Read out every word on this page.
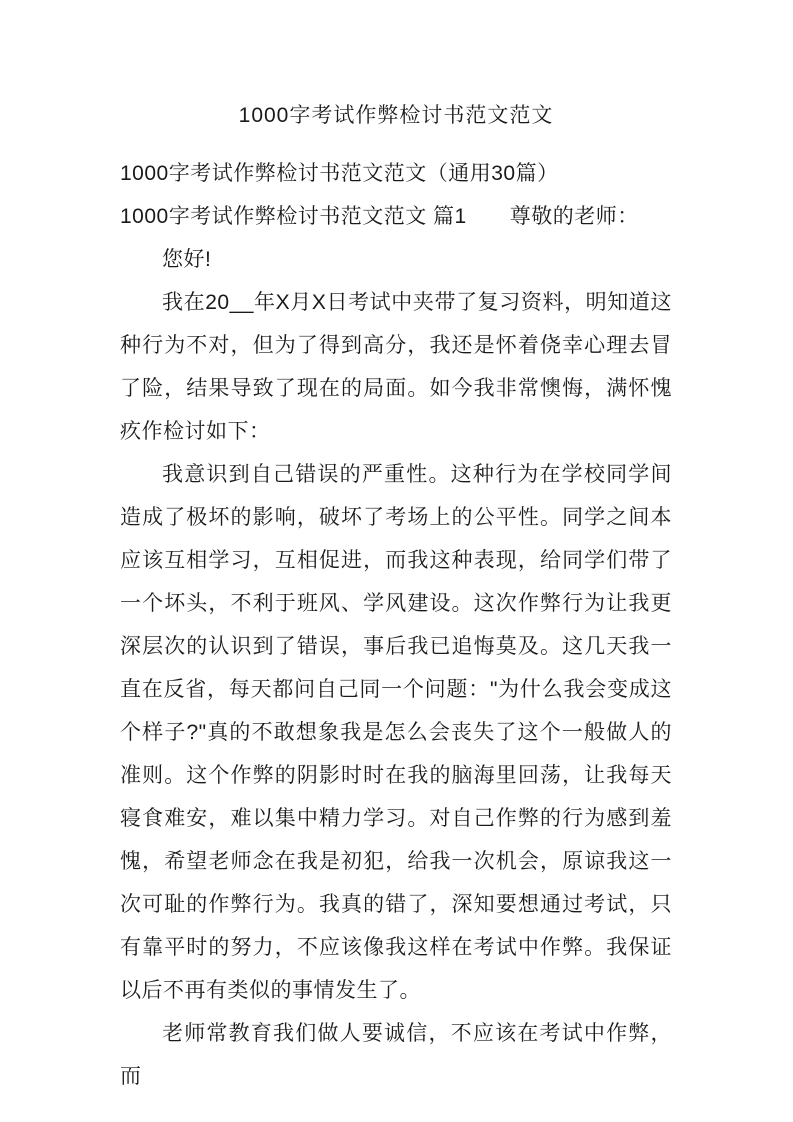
1000字考试作弊检讨书范文范文

1000字考试作弊检讨书范文范文（通用30篇）

1000字考试作弊检讨书范文范文 篇1　　尊敬的老师：

您好!

我在20__年X月X日考试中夹带了复习资料，明知道这种行为不对，但为了得到高分，我还是怀着侥幸心理去冒了险，结果导致了现在的局面。如今我非常懊悔，满怀愧疚作检讨如下：

我意识到自己错误的严重性。这种行为在学校同学间造成了极坏的影响，破坏了考场上的公平性。同学之间本应该互相学习，互相促进，而我这种表现，给同学们带了一个坏头，不利于班风、学风建设。这次作弊行为让我更深层次的认识到了错误，事后我已追悔莫及。这几天我一直在反省，每天都问自己同一个问题："为什么我会变成这个样子?"真的不敢想象我是怎么会丧失了这个一般做人的准则。这个作弊的阴影时时在我的脑海里回荡，让我每天寝食难安，难以集中精力学习。对自己作弊的行为感到羞愧，希望老师念在我是初犯，给我一次机会，原谅我这一次可耻的作弊行为。我真的错了，深知要想通过考试，只有靠平时的努力，不应该像我这样在考试中作弊。我保证以后不再有类似的事情发生了。

老师常教育我们做人要诚信，不应该在考试中作弊，而
